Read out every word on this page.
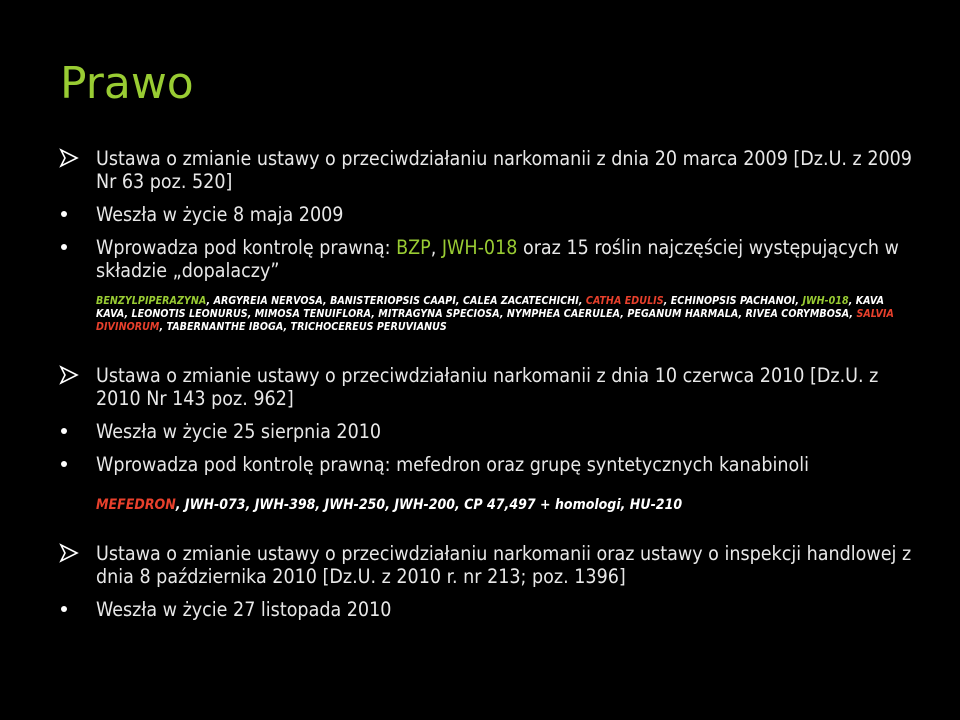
Prawo
Ustawa o zmianie ustawy o przeciwdziałaniu narkomanii z dnia 20 marca 2009 [Dz.U. z 2009 Nr 63 poz. 520]
Weszła w życie 8 maja 2009
Wprowadza pod kontrolę prawną: BZP, JWH-018 oraz 15 roślin najczęściej występujących w składzie „dopalaczy”
BENZYLPIPERAZYNA, ARGYREIA NERVOSA, BANISTERIOPSIS CAAPI, CALEA ZACATECHICHI, CATHA EDULIS, ECHINOPSIS PACHANOI, JWH-018, KAVA KAVA, LEONOTIS LEONURUS, MIMOSA TENUIFLORA, MITRAGYNA SPECIOSA, NYMPHEA CAERULEA, PEGANUM HARMALA, RIVEA CORYMBOSA, SALVIA DIVINORUM, TABERNANTHE IBOGA, TRICHOCEREUS PERUVIANUS
Ustawa o zmianie ustawy o przeciwdziałaniu narkomanii z dnia 10 czerwca 2010 [Dz.U. z 2010 Nr 143 poz. 962]
Weszła w życie 25 sierpnia 2010
Wprowadza pod kontrolę prawną: mefedron oraz grupę syntetycznych kanabinoli
MEFEDRON, JWH-073, JWH-398, JWH-250, JWH-200, CP 47,497 + homologi, HU-210
Ustawa o zmianie ustawy o przeciwdziałaniu narkomanii oraz ustawy o inspekcji handlowej z dnia 8 października 2010 [Dz.U. z 2010 r. nr 213; poz. 1396]
Weszła w życie 27 listopada 2010
